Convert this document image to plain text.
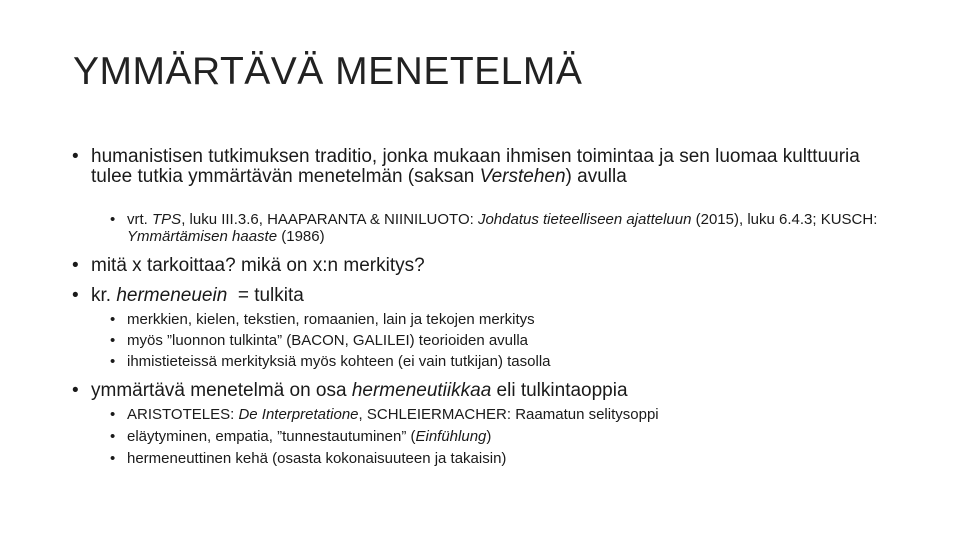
YMMÄRTÄVÄ MENETELMÄ
• humanistisen tutkimuksen traditio, jonka mukaan ihmisen toimintaa ja sen luomaa kulttuuria tulee tutkia ymmärtävän menetelmän (saksan Verstehen) avulla
• vrt. TPS, luku III.3.6, HAAPARANTA & NIINILUOTO: Johdatus tieteelliseen ajatteluun (2015), luku 6.4.3; KUSCH: Ymmärtämisen haaste (1986)
• mitä x tarkoittaa? mikä on x:n merkitys?
• kr. hermeneuein  = tulkita
• merkkien, kielen, tekstien, romaanien, lain ja tekojen merkitys
• myös ”luonnon tulkinta” (BACON, GALILEI) teorioiden avulla
• ihmistieteissä merkityksiä myös kohteen (ei vain tutkijan) tasolla
• ymmärtävä menetelmä on osa hermeneutiikkaa eli tulkintaoppia
• ARISTOTELES: De Interpretatione, SCHLEIERMACHER: Raamatun selitysoppi
• eläytyminen, empatia, ”tunnestautuminen” (Einfühlung)
• hermeneuttinen kehä (osasta kokonaisuuteen ja takaisin)
